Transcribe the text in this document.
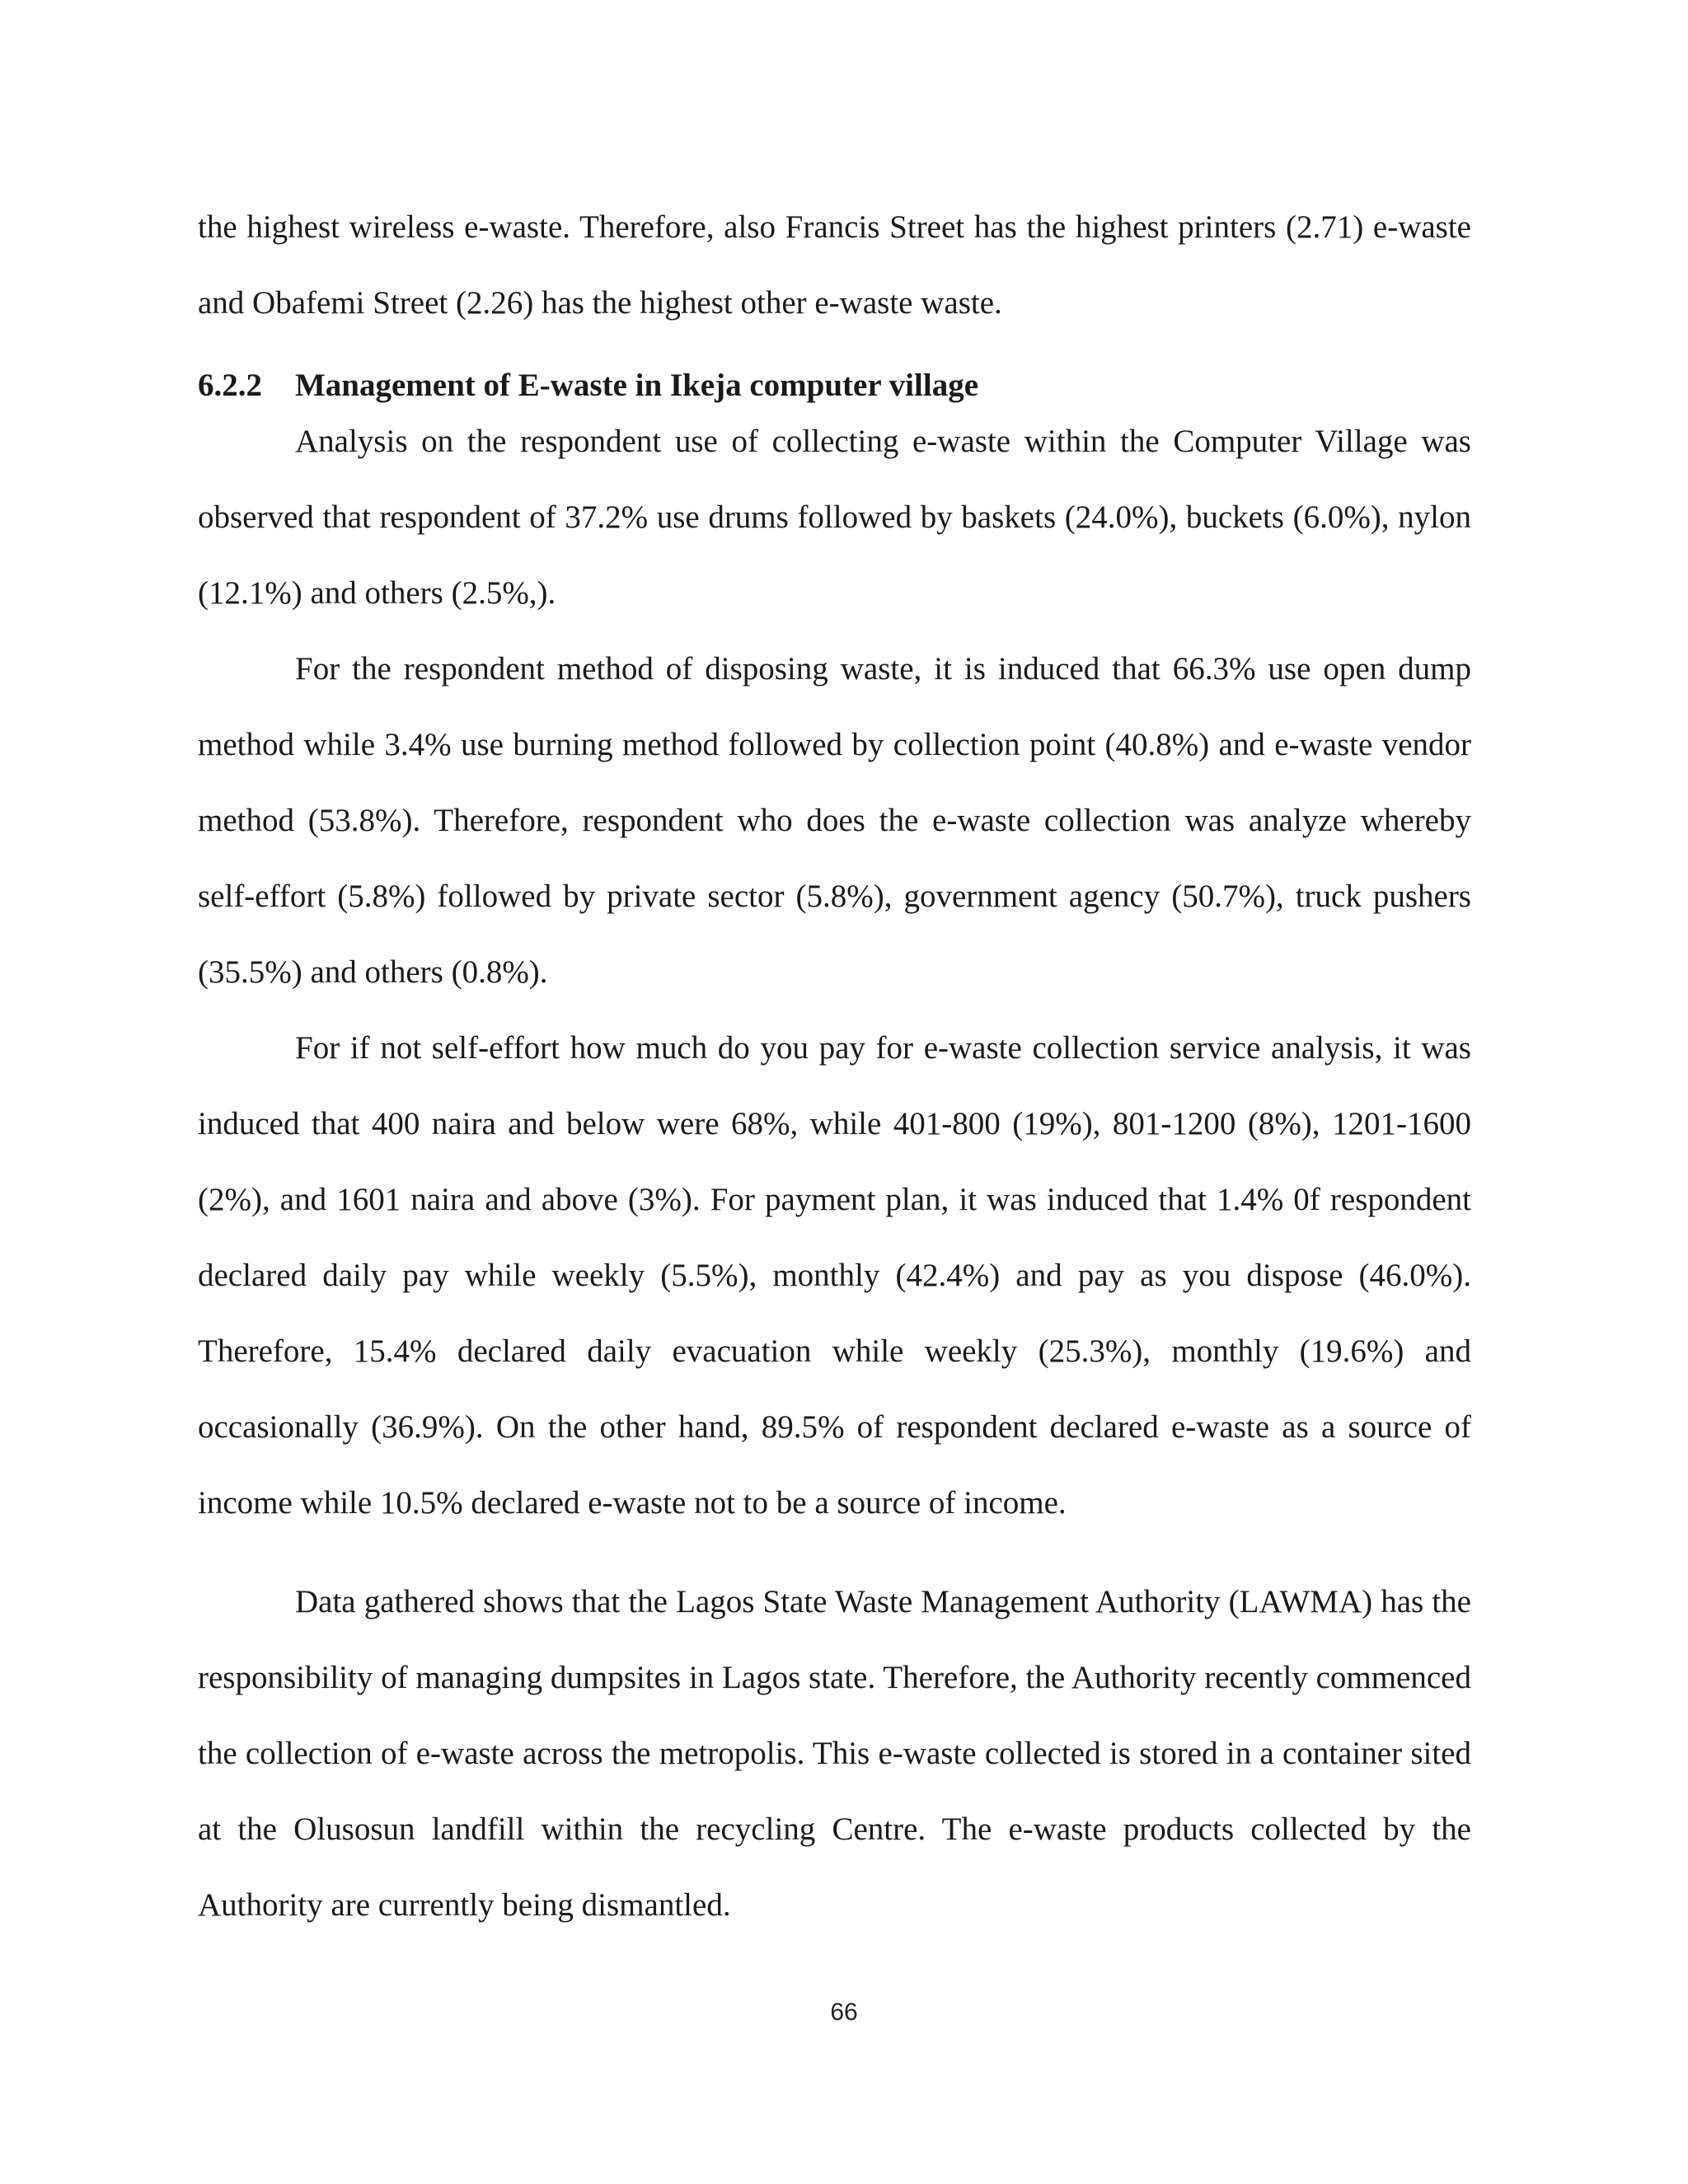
the highest wireless e-waste. Therefore, also Francis Street has the highest printers (2.71) e-waste and Obafemi Street (2.26) has the highest other e-waste waste.

6.2.2	Management of E-waste in Ikeja computer village

Analysis on the respondent use of collecting e-waste within the Computer Village was observed that respondent of 37.2% use drums followed by baskets (24.0%), buckets (6.0%), nylon (12.1%) and others (2.5%,).

For the respondent method of disposing waste, it is induced that 66.3% use open dump method while 3.4% use burning method followed by collection point (40.8%) and e-waste vendor method (53.8%). Therefore, respondent who does the e-waste collection was analyze whereby self-effort (5.8%) followed by private sector (5.8%), government agency (50.7%), truck pushers (35.5%) and others (0.8%).

For if not self-effort how much do you pay for e-waste collection service analysis, it was induced that 400 naira and below were 68%, while 401-800 (19%), 801-1200 (8%), 1201-1600 (2%), and 1601 naira and above (3%). For payment plan, it was induced that 1.4% 0f respondent declared daily pay while weekly (5.5%), monthly (42.4%) and pay as you dispose (46.0%). Therefore, 15.4% declared daily evacuation while weekly (25.3%), monthly (19.6%) and occasionally (36.9%). On the other hand, 89.5% of respondent declared e-waste as a source of income while 10.5% declared e-waste not to be a source of income.

Data gathered shows that the Lagos State Waste Management Authority (LAWMA) has the responsibility of managing dumpsites in Lagos state. Therefore, the Authority recently commenced the collection of e-waste across the metropolis. This e-waste collected is stored in a container sited at the Olusosun landfill within the recycling Centre. The e-waste products collected by the Authority are currently being dismantled.

66
